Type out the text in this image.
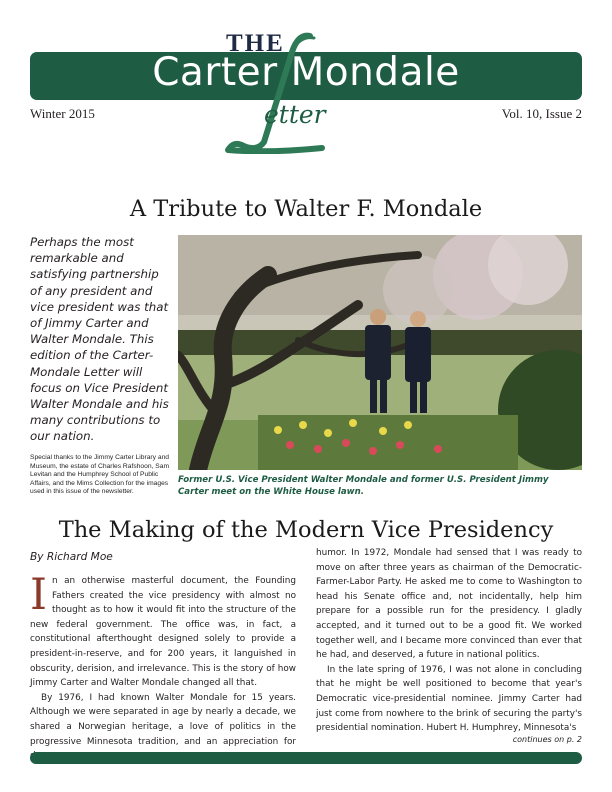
THE
Carter Mondale
etter
Winter 2015	Vol. 10, Issue 2
A Tribute to Walter F. Mondale
Perhaps the most remarkable and satisfying partnership of any president and vice president was that of Jimmy Carter and Walter Mondale. This edition of the Carter-Mondale Letter will focus on Vice President Walter Mondale and his many contributions to our nation.
Special thanks to the Jimmy Carter Library and Museum, the estate of Charles Rafshoon, Sam Levitan and the Humphrey School of Public Affairs, and the Mims Collection for the images used in this issue of the newsletter.
Former U.S. Vice President Walter Mondale and former U.S. President Jimmy Carter meet on the White House lawn.
The Making of the Modern Vice Presidency
By Richard Moe

I n an otherwise masterful document, the Founding Fathers created the vice presidency with almost no thought as to how it would fit into the structure of the new federal government. The office was, in fact, a constitutional afterthought designed solely to provide a president-in-reserve, and for 200 years, it languished in obscurity, derision, and irrelevance. This is the story of how Jimmy Carter and Walter Mondale changed all that.

By 1976, I had known Walter Mondale for 15 years. Although we were separated in age by nearly a decade, we shared a Norwegian heritage, a love of politics in the progressive Minnesota tradition, and an appreciation for

humor. In 1972, Mondale had sensed that I was ready to move on after three years as chairman of the Democratic-Farmer-Labor Party. He asked me to come to Washington to head his Senate office and, not incidentally, help him prepare for a possible run for the presidency. I gladly accepted, and it turned out to be a good fit. We worked together well, and I became more convinced than ever that he had, and deserved, a future in national politics.

In the late spring of 1976, I was not alone in concluding that he might be well positioned to become that year's Democratic vice-presidential nominee. Jimmy Carter had just come from nowhere to the brink of securing the party's presidential nomination. Hubert H. Humphrey, Minnesota's

continues on p. 2
